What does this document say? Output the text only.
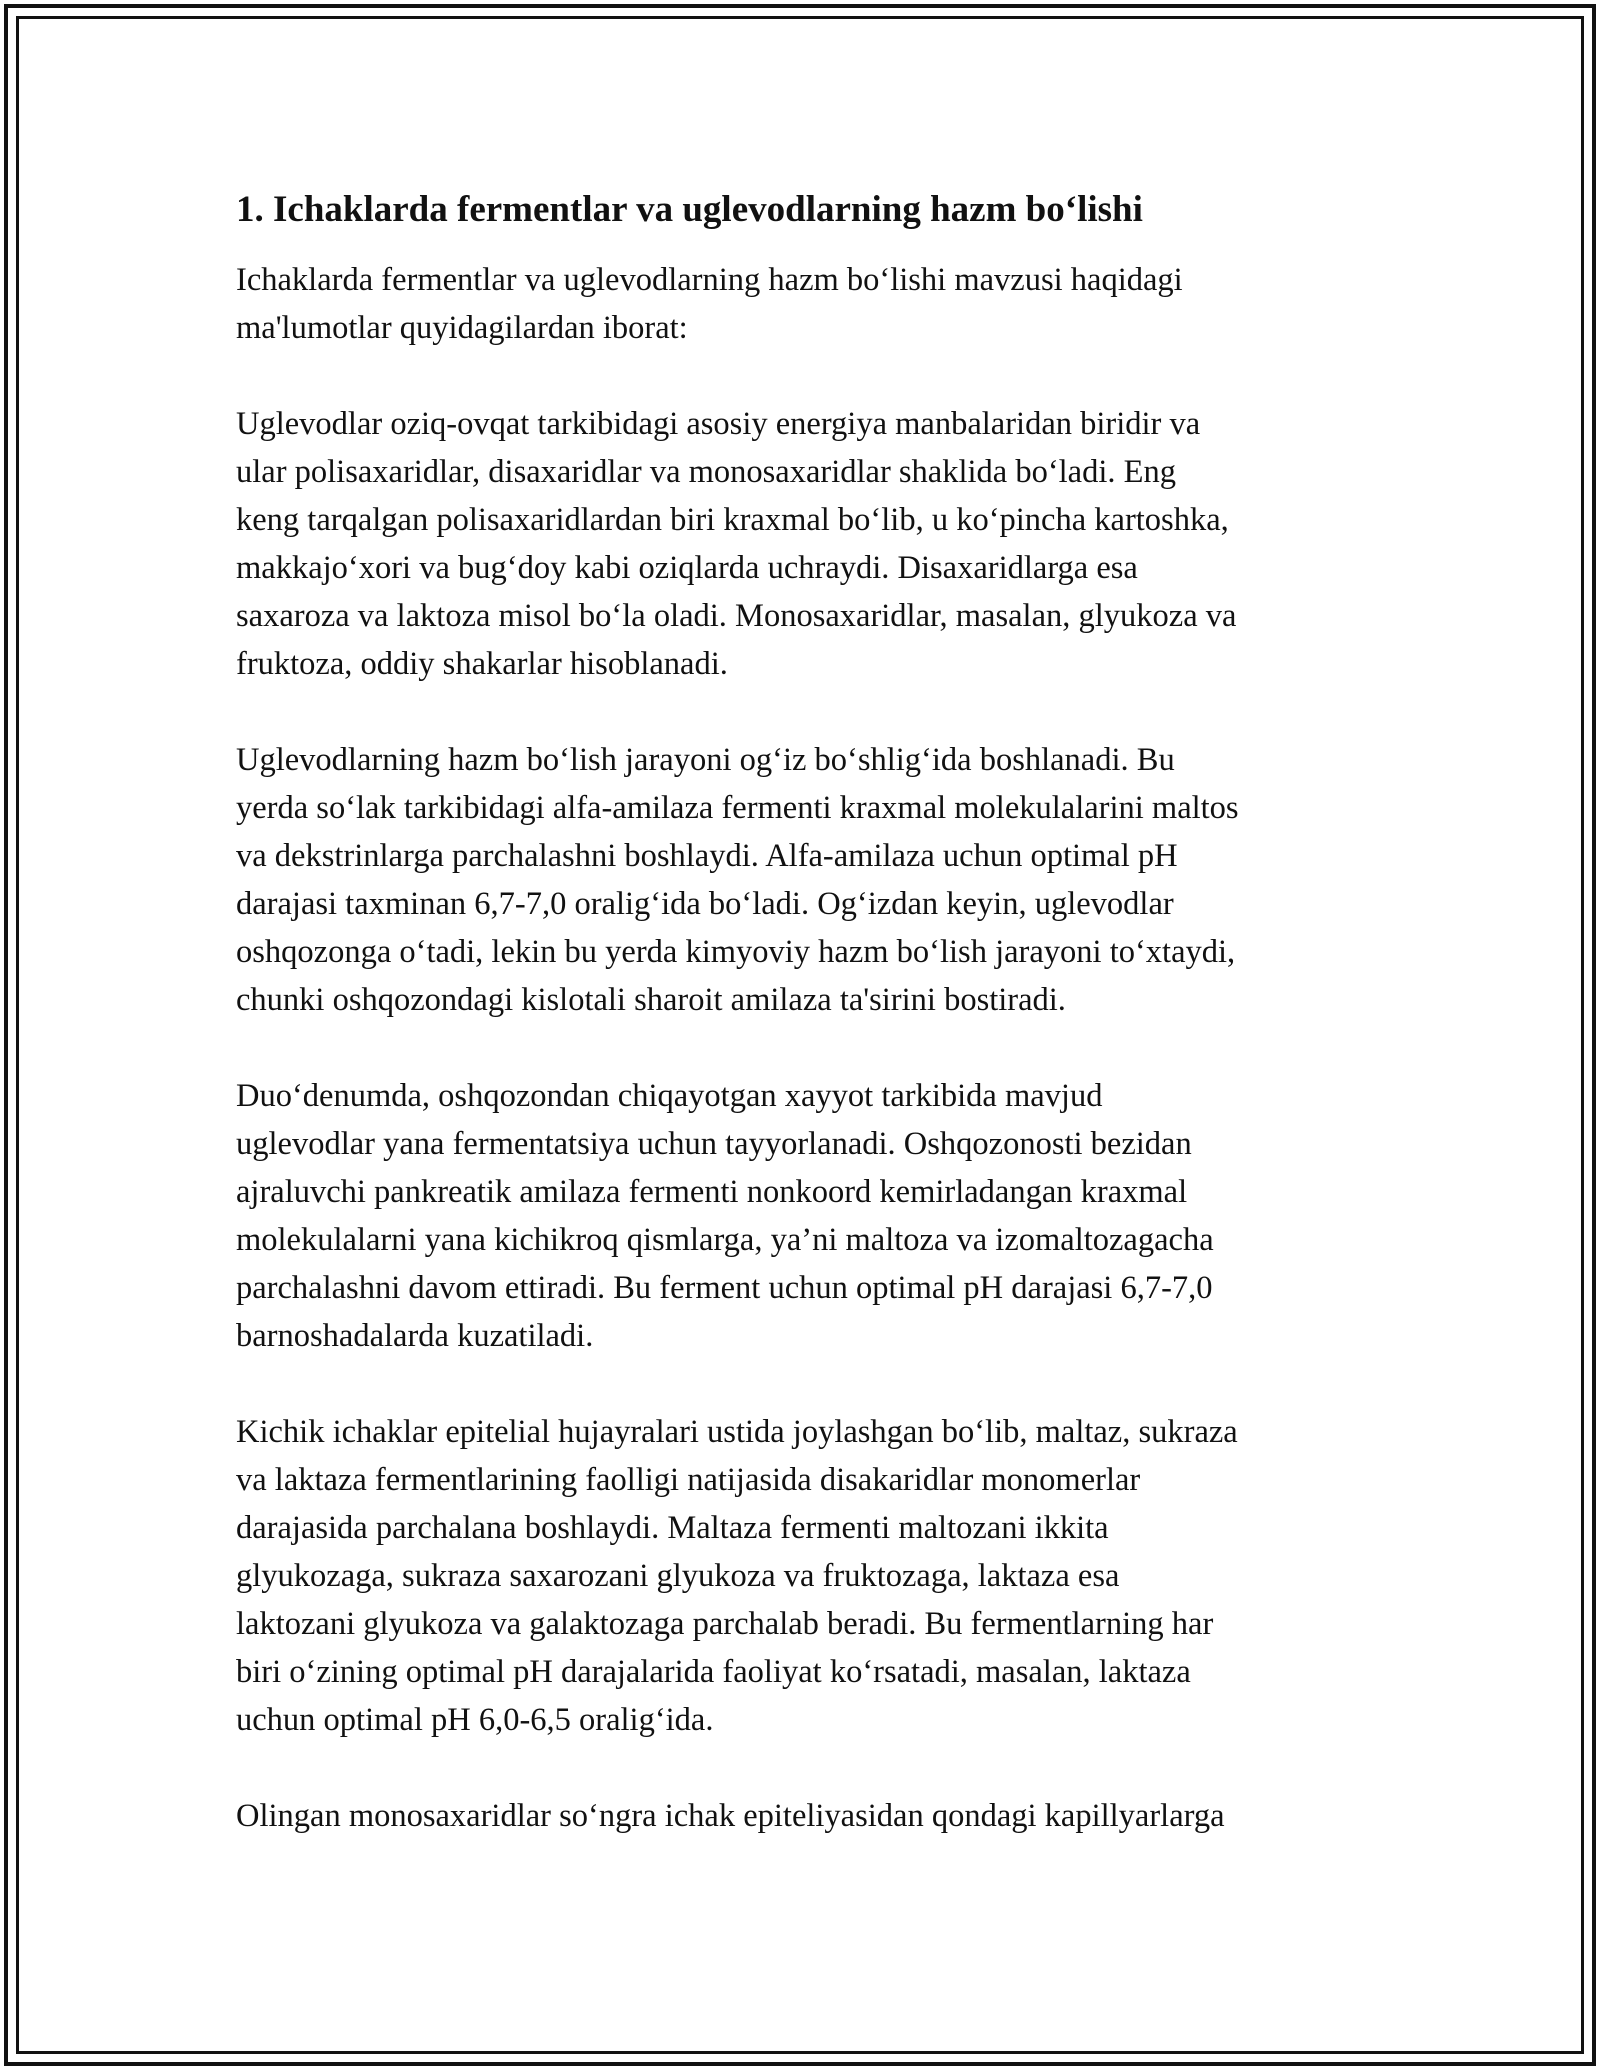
1. Ichaklarda fermentlar va uglevodlarning hazm bo‘lishi

Ichaklarda fermentlar va uglevodlarning hazm bo‘lishi mavzusi haqidagi
ma'lumotlar quyidagilardan iborat:

Uglevodlar oziq-ovqat tarkibidagi asosiy energiya manbalaridan biridir va
ular polisaxaridlar, disaxaridlar va monosaxaridlar shaklida bo‘ladi. Eng
keng tarqalgan polisaxaridlardan biri kraxmal bo‘lib, u ko‘pincha kartoshka,
makkajo‘xori va bug‘doy kabi oziqlarda uchraydi. Disaxaridlarga esa
saxaroza va laktoza misol bo‘la oladi. Monosaxaridlar, masalan, glyukoza va
fruktoza, oddiy shakarlar hisoblanadi.

Uglevodlarning hazm bo‘lish jarayoni og‘iz bo‘shlig‘ida boshlanadi. Bu
yerda so‘lak tarkibidagi alfa-amilaza fermenti kraxmal molekulalarini maltos
va dekstrinlarga parchalashni boshlaydi. Alfa-amilaza uchun optimal pH
darajasi taxminan 6,7-7,0 oralig‘ida bo‘ladi. Og‘izdan keyin, uglevodlar
oshqozonga o‘tadi, lekin bu yerda kimyoviy hazm bo‘lish jarayoni to‘xtaydi,
chunki oshqozondagi kislotali sharoit amilaza ta'sirini bostiradi.

Duo‘denumda, oshqozondan chiqayotgan xayyot tarkibida mavjud
uglevodlar yana fermentatsiya uchun tayyorlanadi. Oshqozonosti bezidan
ajraluvchi pankreatik amilaza fermenti nonkoord kemirladangan kraxmal
molekulalarni yana kichikroq qismlarga, ya’ni maltoza va izomaltozagacha
parchalashni davom ettiradi. Bu ferment uchun optimal pH darajasi 6,7-7,0
barnoshadalarda kuzatiladi.

Kichik ichaklar epitelial hujayralari ustida joylashgan bo‘lib, maltaz, sukraza
va laktaza fermentlarining faolligi natijasida disakaridlar monomerlar
darajasida parchalana boshlaydi. Maltaza fermenti maltozani ikkita
glyukozaga, sukraza saxarozani glyukoza va fruktozaga, laktaza esa
laktozani glyukoza va galaktozaga parchalab beradi. Bu fermentlarning har
biri o‘zining optimal pH darajalarida faoliyat ko‘rsatadi, masalan, laktaza
uchun optimal pH 6,0-6,5 oralig‘ida.

Olingan monosaxaridlar so‘ngra ichak epiteliyasidan qondagi kapillyarlarga
